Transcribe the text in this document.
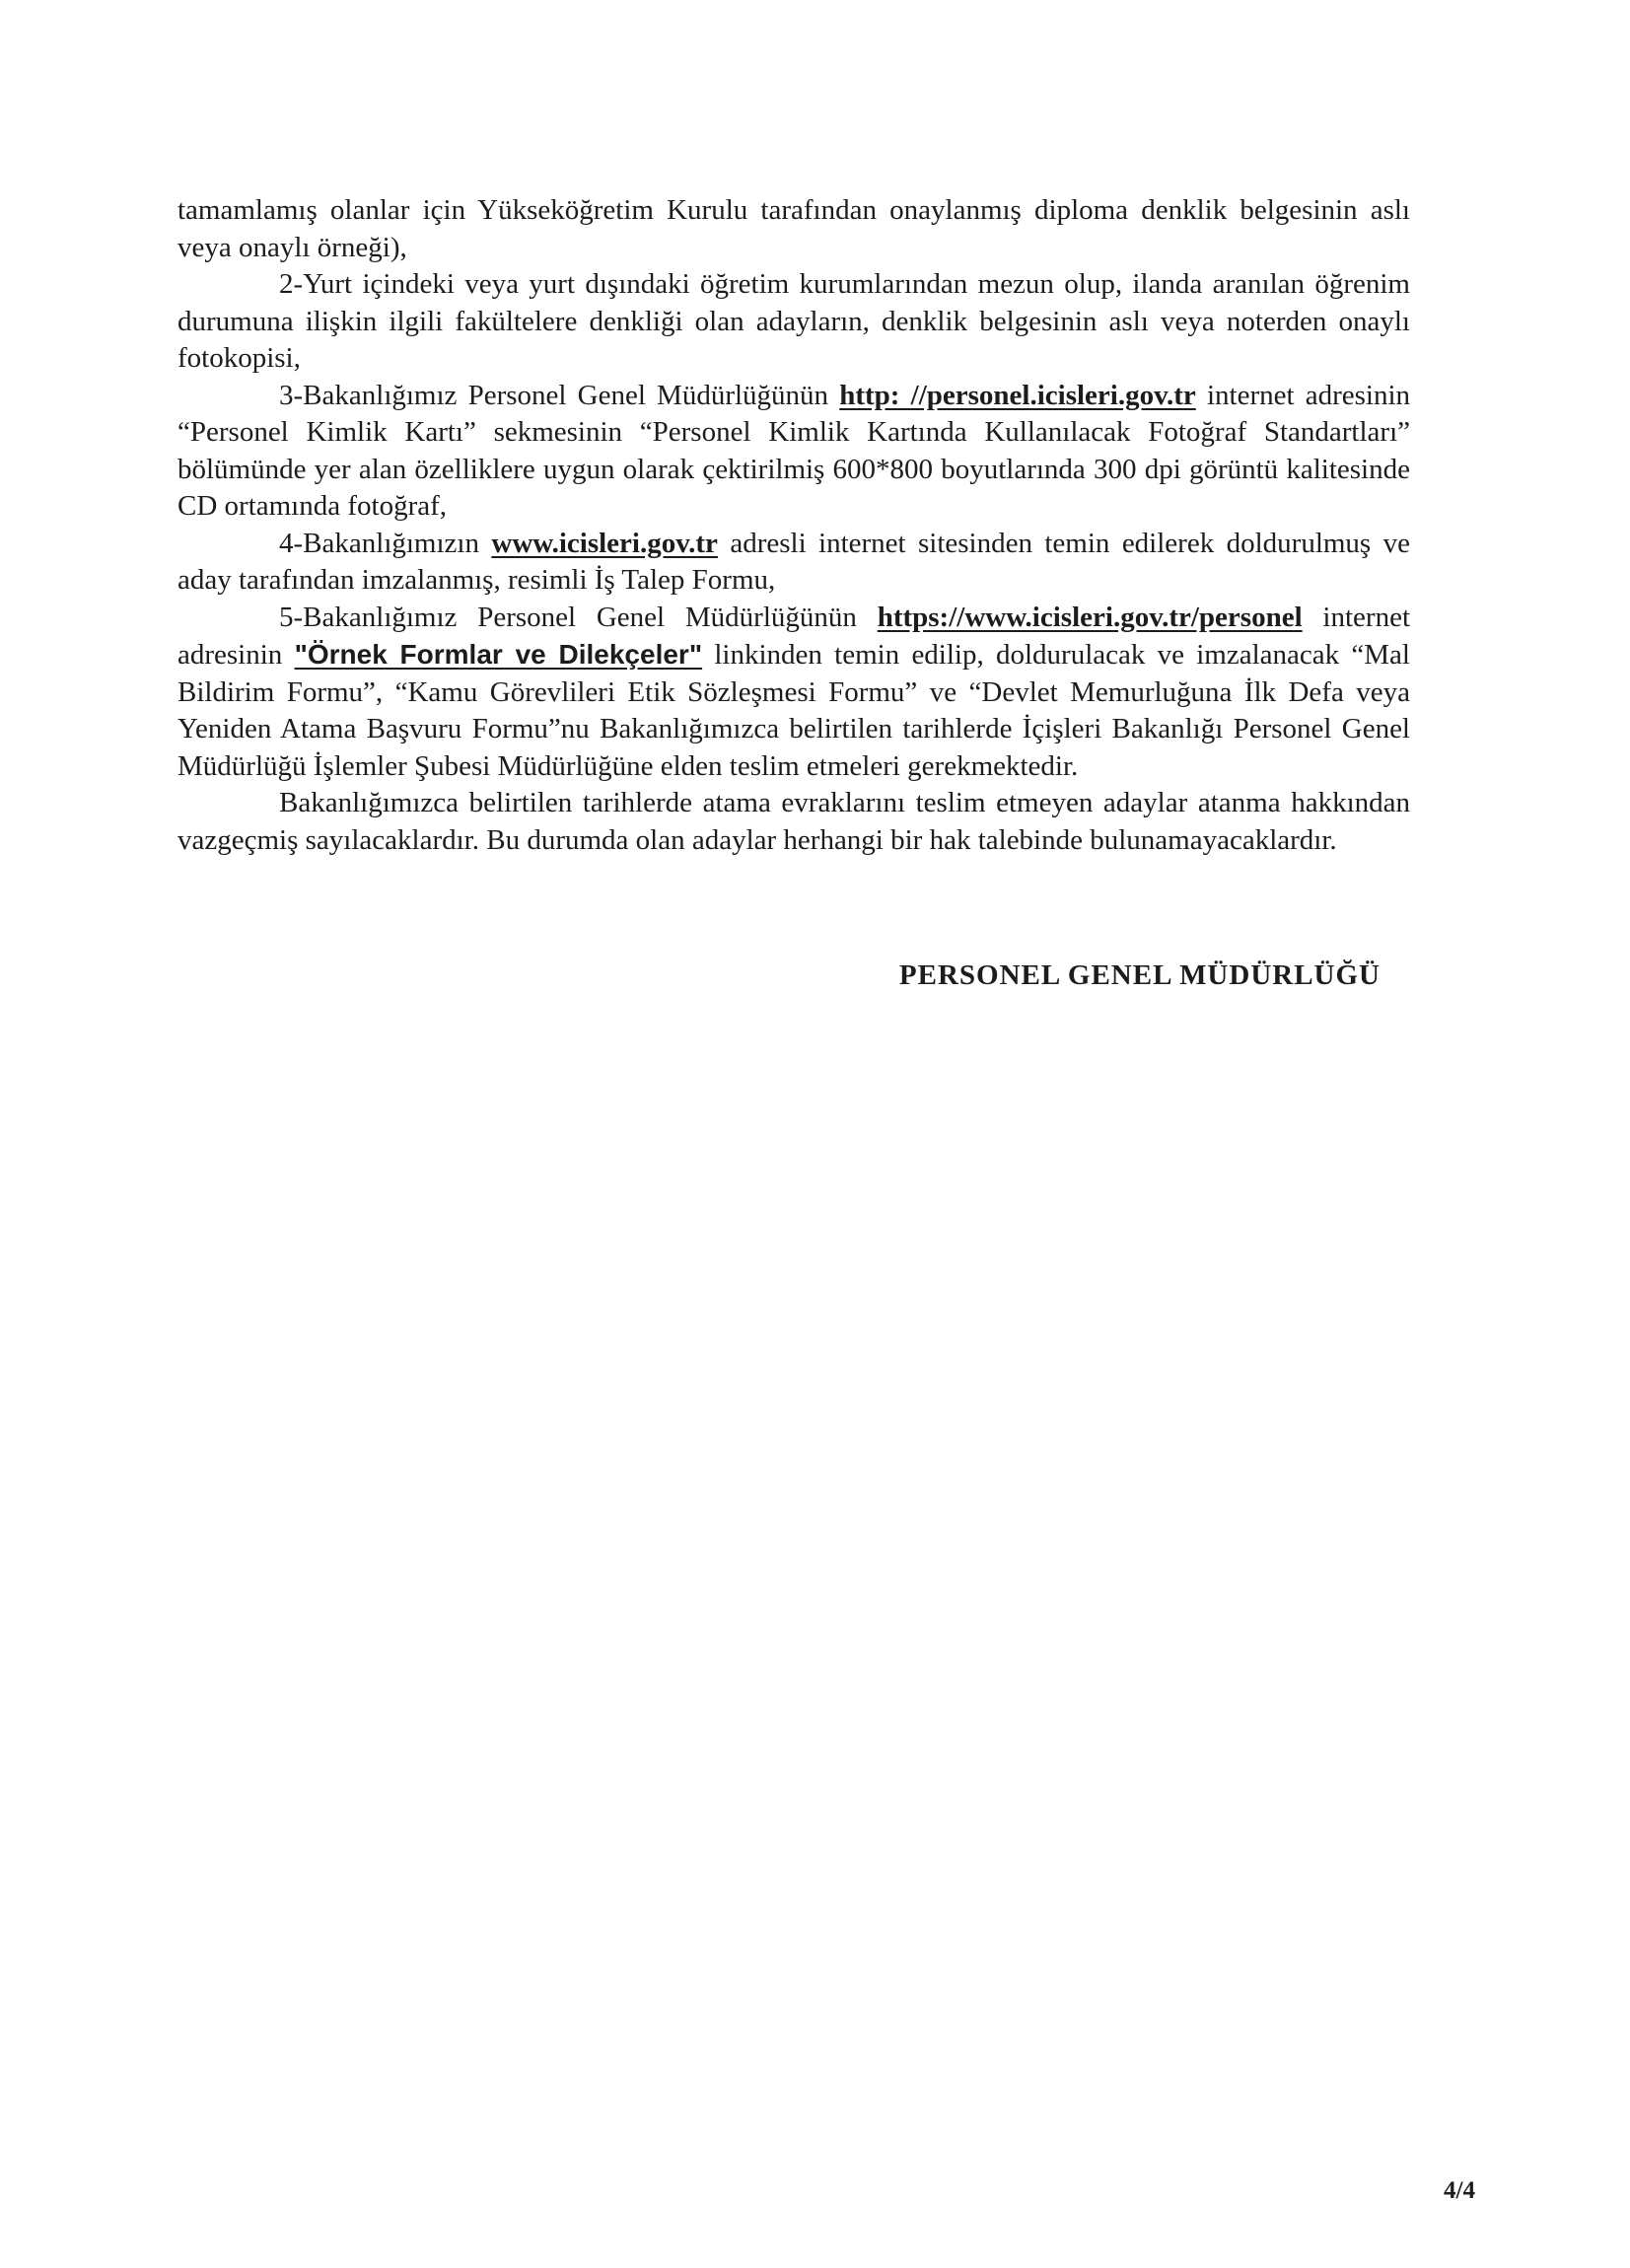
tamamlamış olanlar için Yükseköğretim Kurulu tarafından onaylanmış diploma denklik belgesinin aslı veya onaylı örneği),

2-Yurt içindeki veya yurt dışındaki öğretim kurumlarından mezun olup, ilanda aranılan öğrenim durumuna ilişkin ilgili fakültelere denkliği olan adayların, denklik belgesinin aslı veya noterden onaylı fotokopisi,

3-Bakanlığımız Personel Genel Müdürlüğünün http: //personel.icisleri.gov.tr internet adresinin “Personel Kimlik Kartı” sekmesinin “Personel Kimlik Kartında Kullanılacak Fotoğraf Standartları” bölümünde yer alan özelliklere uygun olarak çektirilmiş 600*800 boyutlarında 300 dpi görüntü kalitesinde CD ortamında fotoğraf,

4-Bakanlığımızın www.icisleri.gov.tr adresli internet sitesinden temin edilerek doldurulmuş ve aday tarafından imzalanmış, resimli İş Talep Formu,

5-Bakanlığımız Personel Genel Müdürlüğünün https://www.icisleri.gov.tr/personel internet adresinin "Örnek Formlar ve Dilekçeler" linkinden temin edilip, doldurulacak ve imzalanacak “Mal Bildirim Formu”, “Kamu Görevlileri Etik Sözleşmesi Formu” ve “Devlet Memurluğuna İlk Defa veya Yeniden Atama Başvuru Formu”nu Bakanlığımızca belirtilen tarihlerde İçişleri Bakanlığı Personel Genel Müdürlüğü İşlemler Şubesi Müdürlüğüne elden teslim etmeleri gerekmektedir.

Bakanlığımızca belirtilen tarihlerde atama evraklarını teslim etmeyen adaylar atanma hakkından vazgeçmiş sayılacaklardır. Bu durumda olan adaylar herhangi bir hak talebinde bulunamayacaklardır.

PERSONEL GENEL MÜDÜRLÜĞÜ
4/4
